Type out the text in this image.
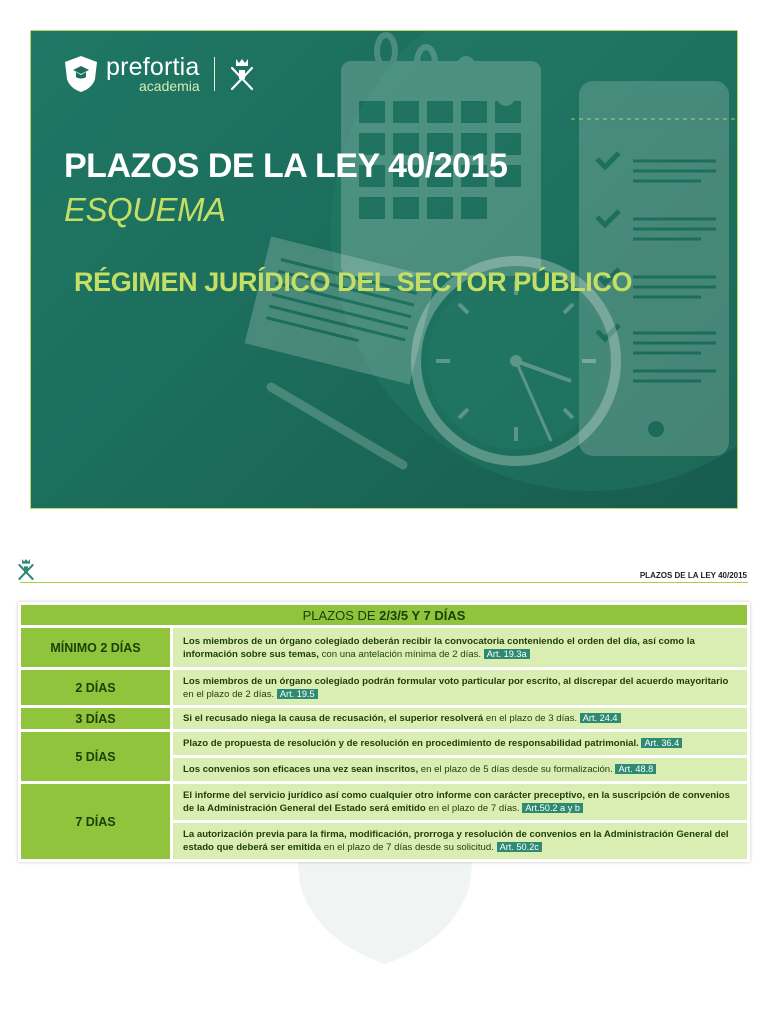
prefortia
academia
PLAZOS DE LA LEY 40/2015
ESQUEMA
RÉGIMEN JURÍDICO DEL SECTOR PÚBLICO
PLAZOS DE LA LEY 40/2015
PLAZOS DE 2/3/5 Y 7 DÍAS	
MÍNIMO 2 DÍAS	Los miembros de un órgano colegiado deberán recibir la convocatoria conteniendo el orden del día, así como la información sobre sus temas, con una antelación mínima de 2 días. Art. 19.3a
2 DÍAS	Los miembros de un órgano colegiado podrán formular voto particular por escrito, al discrepar del acuerdo mayoritario en el plazo de 2 días. Art. 19.5
3 DÍAS	Si el recusado niega la causa de recusación, el superior resolverá en el plazo de 3 días. Art. 24.4
5 DÍAS	Plazo de propuesta de resolución y de resolución en procedimiento de responsabilidad patrimonial. Art. 36.4
	Los convenios son eficaces una vez sean inscritos, en el plazo de 5 días desde su formalización. Art. 48.8
7 DÍAS	El informe del servicio jurídico así como cualquier otro informe con carácter preceptivo, en la suscripción de convenios de la Administración General del Estado será emitido en el plazo de 7 días. Art.50.2 a y b
	La autorización previa para la firma, modificación, prorroga y resolución de convenios en la Administración General del estado que deberá ser emitida en el plazo de 7 días desde su solicitud. Art. 50.2c
